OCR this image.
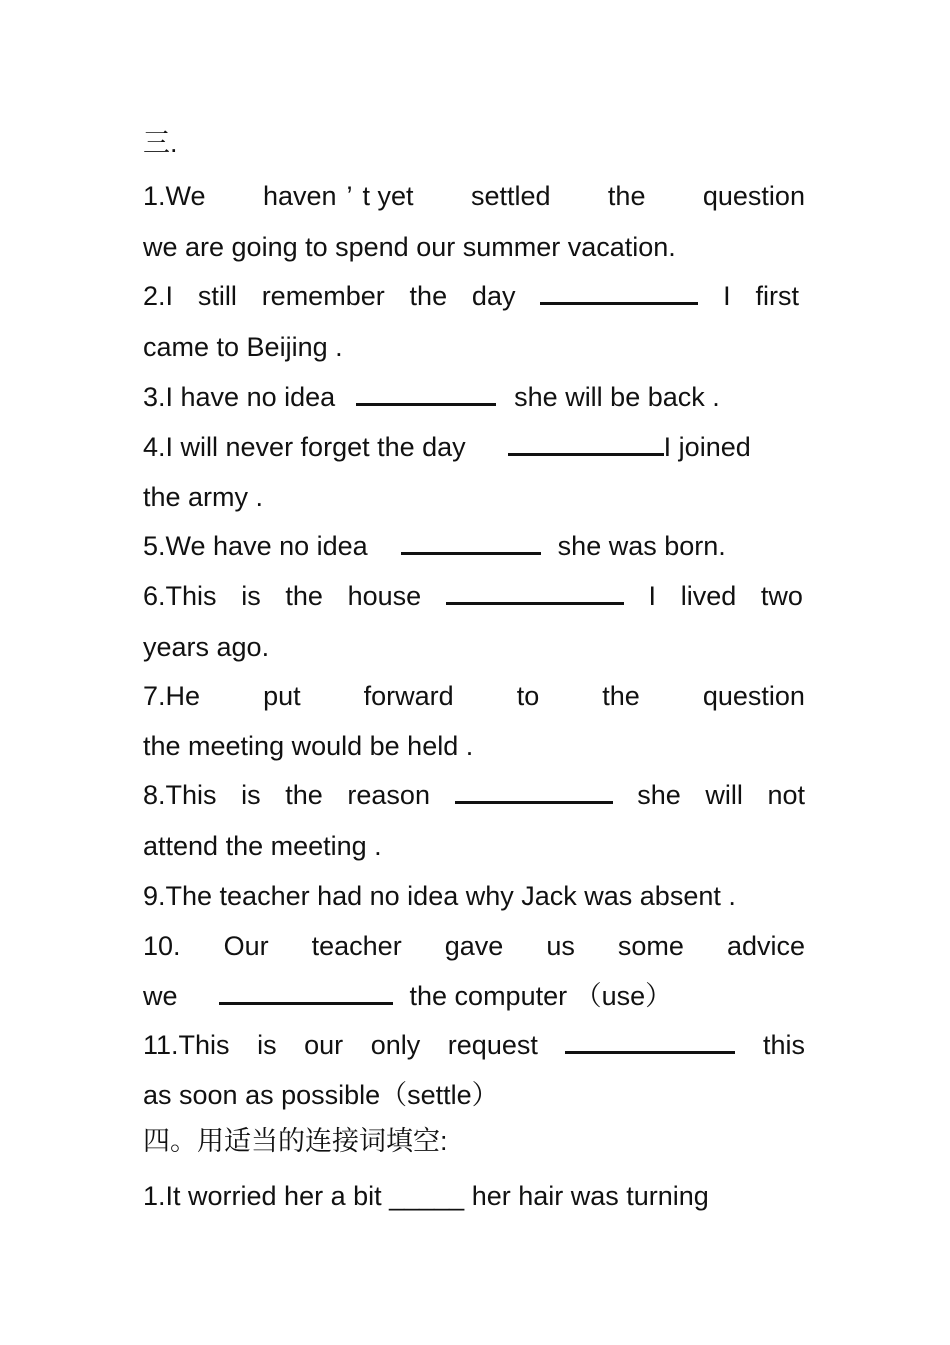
三.
1.We haven ’ t yet settled the question
we are going to spend our summer vacation.
2.I still remember the day	I first
came to Beijing .
3.I have no idea	she will be back .
4.I will never forget the day	I joined
the army .
5.We have no idea	she was born.
6.This is the house	I lived two
years ago.
7.He put forward to the question
the meeting would be held .
8.This is the reason	she will not
attend the meeting .
9.The teacher had no idea why Jack was absent .
10. Our teacher gave us some advice
we	the computer （use）
11.This is our only request	this
as soon as possible（settle）
四。用适当的连接词填空:
1.It worried her a bit _____ her hair was turning
